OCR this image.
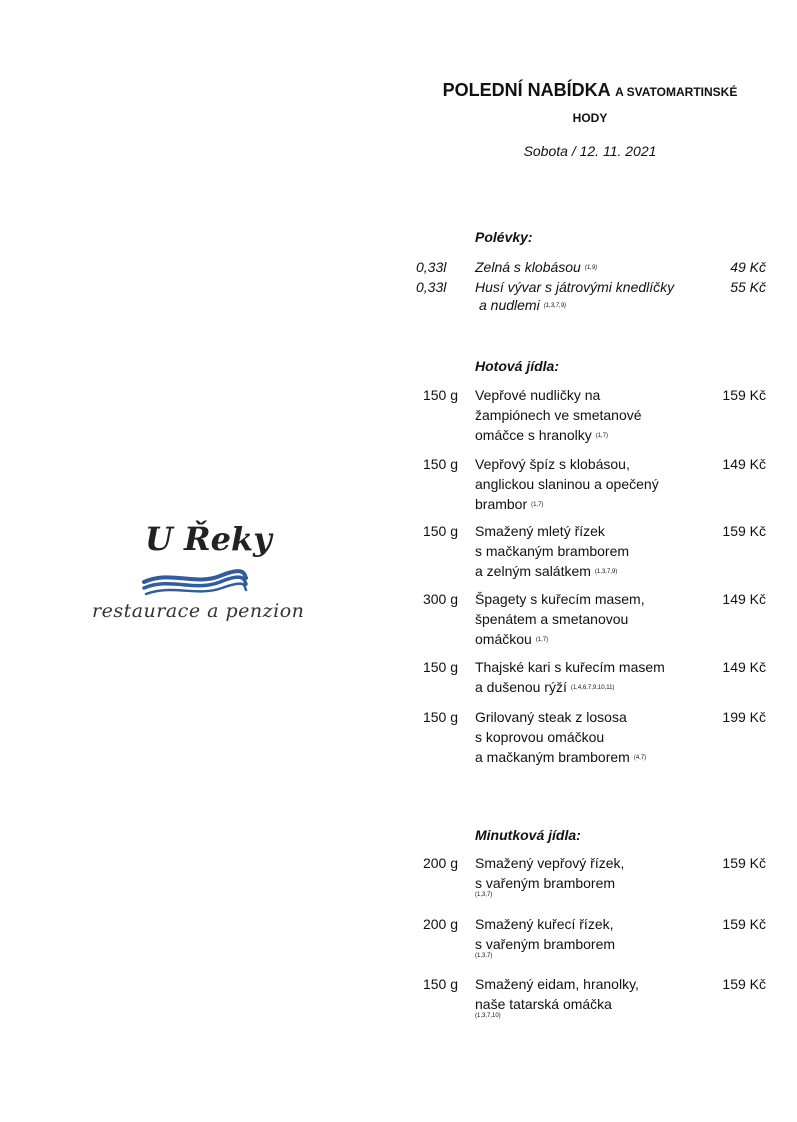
POLEDNÍ NABÍDKA A SVATOMARTINSKÉ
HODY
Sobota / 12. 11. 2021
U Řeky
restaurace a penzion
Polévky:
0,33l Zelná s klobásou $^{(1,9)}$	49 Kč
0,33l Husí vývar s játrovými knedlíčky
a nudlemi $^{(1,3,7,9)}$
55 Kč
Hotová jídla:
150 g Vepřové nudličky na
žampiónech ve smetanové
omáčce s hranolky $^{(1,7)}$
159 Kč
150 g Vepřový špíz s klobásou,
anglickou slaninou a opečený
brambor $^{(1,7)}$
149 Kč
150 g Smažený mletý řízek
s mačkaným bramborem
a zelným salátkem $^{(1,3,7,9)}$
159 Kč
300 g Špagety s kuřecím masem,
špenátem a smetanovou
omáčkou $^{(1,7)}$
149 Kč
150 g Thajské kari s kuřecím masem
a dušenou rýží $^{(1,4,6,7,9,10,11)}$
149 Kč
150 g Grilovaný steak z lososa
s koprovou omáčkou
a mačkaným bramborem $^{(4,7)}$
199 Kč
Minutková jídla:
200 g Smažený vepřový řízek,
s vařeným bramborem
(1,3,7)
159 Kč
200 g Smažený kuřecí řízek,
s vařeným bramborem
(1,3,7)
159 Kč
150 g Smažený eidam, hranolky,
naše tatarská omáčka
(1,3,7,10)
159 Kč
